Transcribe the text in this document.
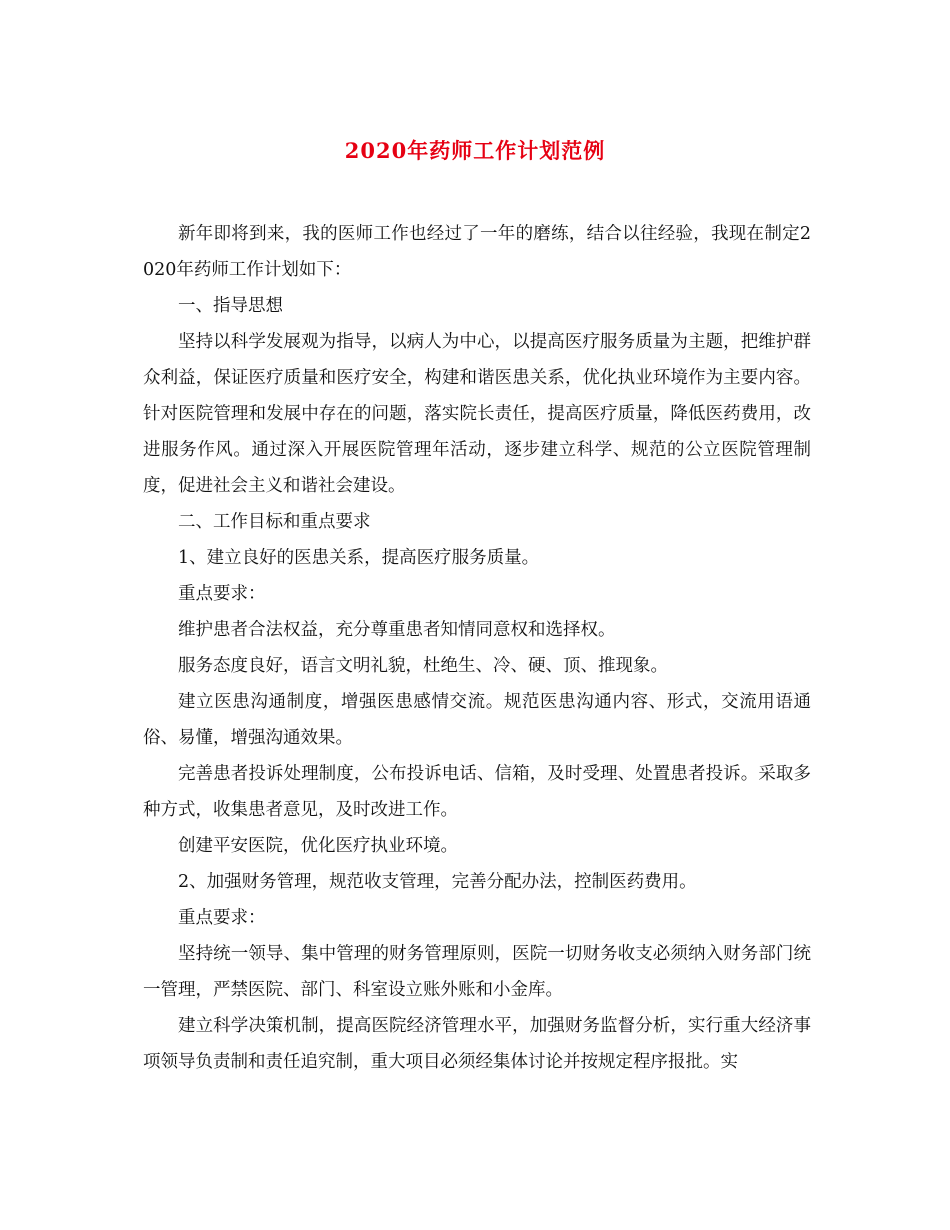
2020年药师工作计划范例

新年即将到来，我的医师工作也经过了一年的磨练，结合以往经验，我现在制定2020年药师工作计划如下：

一、指导思想

坚持以科学发展观为指导，以病人为中心，以提高医疗服务质量为主题，把维护群众利益，保证医疗质量和医疗安全，构建和谐医患关系，优化执业环境作为主要内容。针对医院管理和发展中存在的问题，落实院长责任，提高医疗质量，降低医药费用，改进服务作风。通过深入开展医院管理年活动，逐步建立科学、规范的公立医院管理制度，促进社会主义和谐社会建设。

二、工作目标和重点要求

1、建立良好的医患关系，提高医疗服务质量。

重点要求：

维护患者合法权益，充分尊重患者知情同意权和选择权。

服务态度良好，语言文明礼貌，杜绝生、冷、硬、顶、推现象。

建立医患沟通制度，增强医患感情交流。规范医患沟通内容、形式，交流用语通俗、易懂，增强沟通效果。

完善患者投诉处理制度，公布投诉电话、信箱，及时受理、处置患者投诉。采取多种方式，收集患者意见，及时改进工作。

创建平安医院，优化医疗执业环境。

2、加强财务管理，规范收支管理，完善分配办法，控制医药费用。

重点要求：

坚持统一领导、集中管理的财务管理原则，医院一切财务收支必须纳入财务部门统一管理，严禁医院、部门、科室设立账外账和小金库。

建立科学决策机制，提高医院经济管理水平，加强财务监督分析，实行重大经济事项领导负责制和责任追究制，重大项目必须经集体讨论并按规定程序报批。实
